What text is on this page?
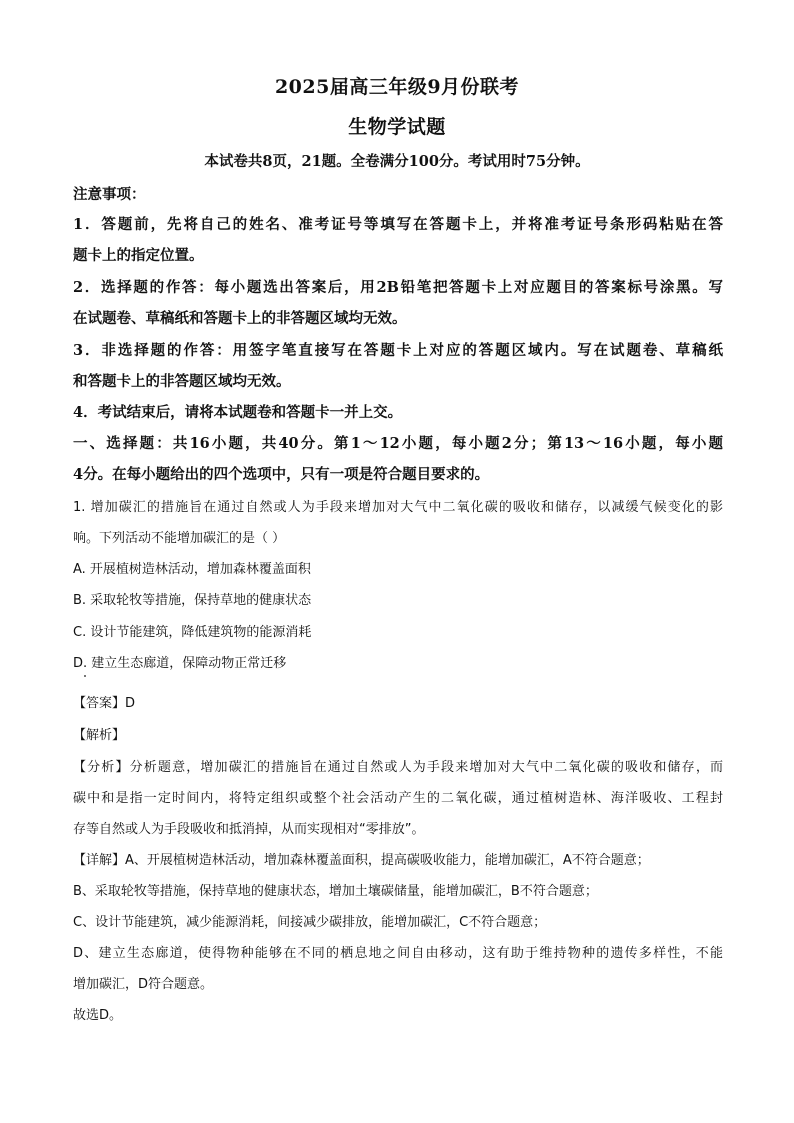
2025届高三年级9月份联考
生物学试题
本试卷共8页，21题。全卷满分100分。考试用时75分钟。
注意事项：
1．答题前，先将自己的姓名、准考证号等填写在答题卡上，并将准考证号条形码粘贴在答
题卡上的指定位置。
2．选择题的作答：每小题选出答案后，用2B铅笔把答题卡上对应题目的答案标号涂黑。写
在试题卷、草稿纸和答题卡上的非答题区域均无效。
3．非选择题的作答：用签字笔直接写在答题卡上对应的答题区域内。写在试题卷、草稿纸
和答题卡上的非答题区域均无效。
4．考试结束后，请将本试题卷和答题卡一并上交。
一、选择题：共16小题，共40分。第1～12小题，每小题2分；第13～16小题，每小题
4分。在每小题给出的四个选项中，只有一项是符合题目要求的。
1. 增加碳汇的措施旨在通过自然或人为手段来增加对大气中二氧化碳的吸收和储存，以减缓气候变化的影
响。下列活动不能增加碳汇的是（ ）
A. 开展植树造林活动，增加森林覆盖面积
B. 采取轮牧等措施，保持草地的健康状态
C. 设计节能建筑，降低建筑物的能源消耗
D. 建立生态廊道，保障动物正常迁移
【答案】D
【解析】
【分析】分析题意，增加碳汇的措施旨在通过自然或人为手段来增加对大气中二氧化碳的吸收和储存，而
碳中和是指一定时间内，将特定组织或整个社会活动产生的二氧化碳，通过植树造林、海洋吸收、工程封
存等自然或人为手段吸收和抵消掉，从而实现相对“零排放”。
【详解】A、开展植树造林活动，增加森林覆盖面积，提高碳吸收能力，能增加碳汇，A不符合题意；
B、采取轮牧等措施，保持草地的健康状态，增加土壤碳储量，能增加碳汇，B不符合题意；
C、设计节能建筑，减少能源消耗，间接减少碳排放，能增加碳汇，C不符合题意；
D、建立生态廊道，使得物种能够在不同的栖息地之间自由移动，这有助于维持物种的遗传多样性，不能
增加碳汇，D符合题意。
故选D。
